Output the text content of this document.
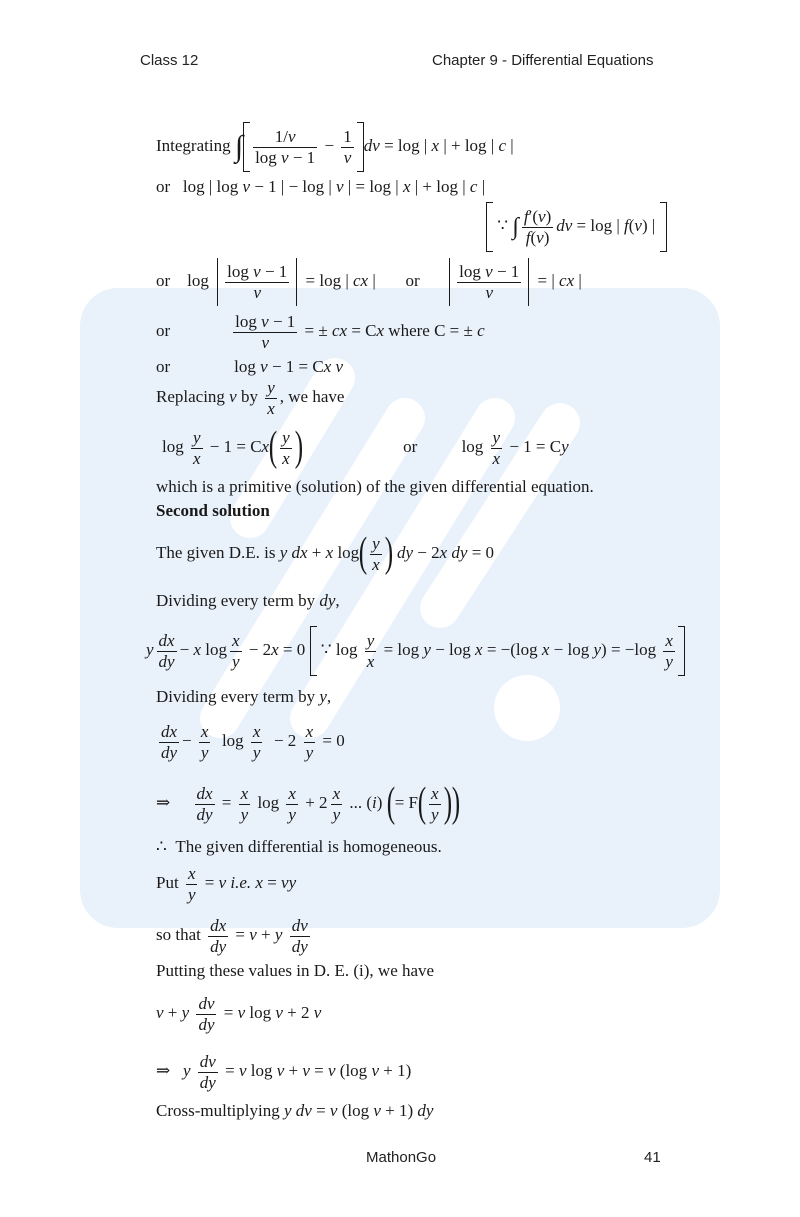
Class 12	Chapter 9 - Differential Equations
Integrating ∫ $\frac{1/v}{\text{log v − 1}} - \frac{1}{v}$ dv = log | x | + log | c |
or   log | log v − 1 | − log | v | = log | x | + log | c |
∵ ∫ $\frac{f'(v)}{f(v)}$ dv = log | f(v) |
or    $\log \frac{\text{log v − 1}}{v} = \log$ | cx |       or $\frac{\text{log v − 1}}{v}$ = | cx |
or	$\frac{\text{log v − 1}}{v}$ = ± cx = Cx where C = ± c
or	log v − 1 = Cx v
Replacing v by $\frac{y}{x}$ , we have
$\log \frac{y}{x} - 1 = Cx( \frac{y}{x}$ )	or $\log \frac{y}{x} - 1 = Cy$
which is a primitive (solution) of the given differential equation.
Second solution
The given D.E. is y dx + x $\log( \frac{y}{x}$ ) dy − 2x dy = 0
Dividing every term by dy,
y $\frac{dx}{dy} - x$ $\log \frac{x}{y} - 2x = 0$  ∵ $\log \frac{y}{x} = \log y - \log x = -(\log$ $x - \log y) = -\log \frac{x}{y}$
Dividing every term by y,
$\frac{dx}{dy} - \frac{x}{y}$ $\log \frac{x}{y} - 2 \frac{x}{y} = 0$
⇒ $\frac{dx}{dy} = \frac{x}{y}$ $\log \frac{x}{y} + 2 \frac{x}{y}$ ... (i) (= $F( \frac{x}{y}$ ))
∴  The given differential is homogeneous.
Put $\frac{x}{y} = v$ i.e. x = vy
so that $\frac{dx}{dy} = v + y \frac{dv}{dy}$
Putting these values in D. E. (i), we have
v + y $\frac{dv}{dy} = v$ log v + 2 v
⇒   y $\frac{dv}{dy} = v$ log v + v = v (log v + 1)
Cross-multiplying y dv = v (log v + 1) dy
MathonGo	41
